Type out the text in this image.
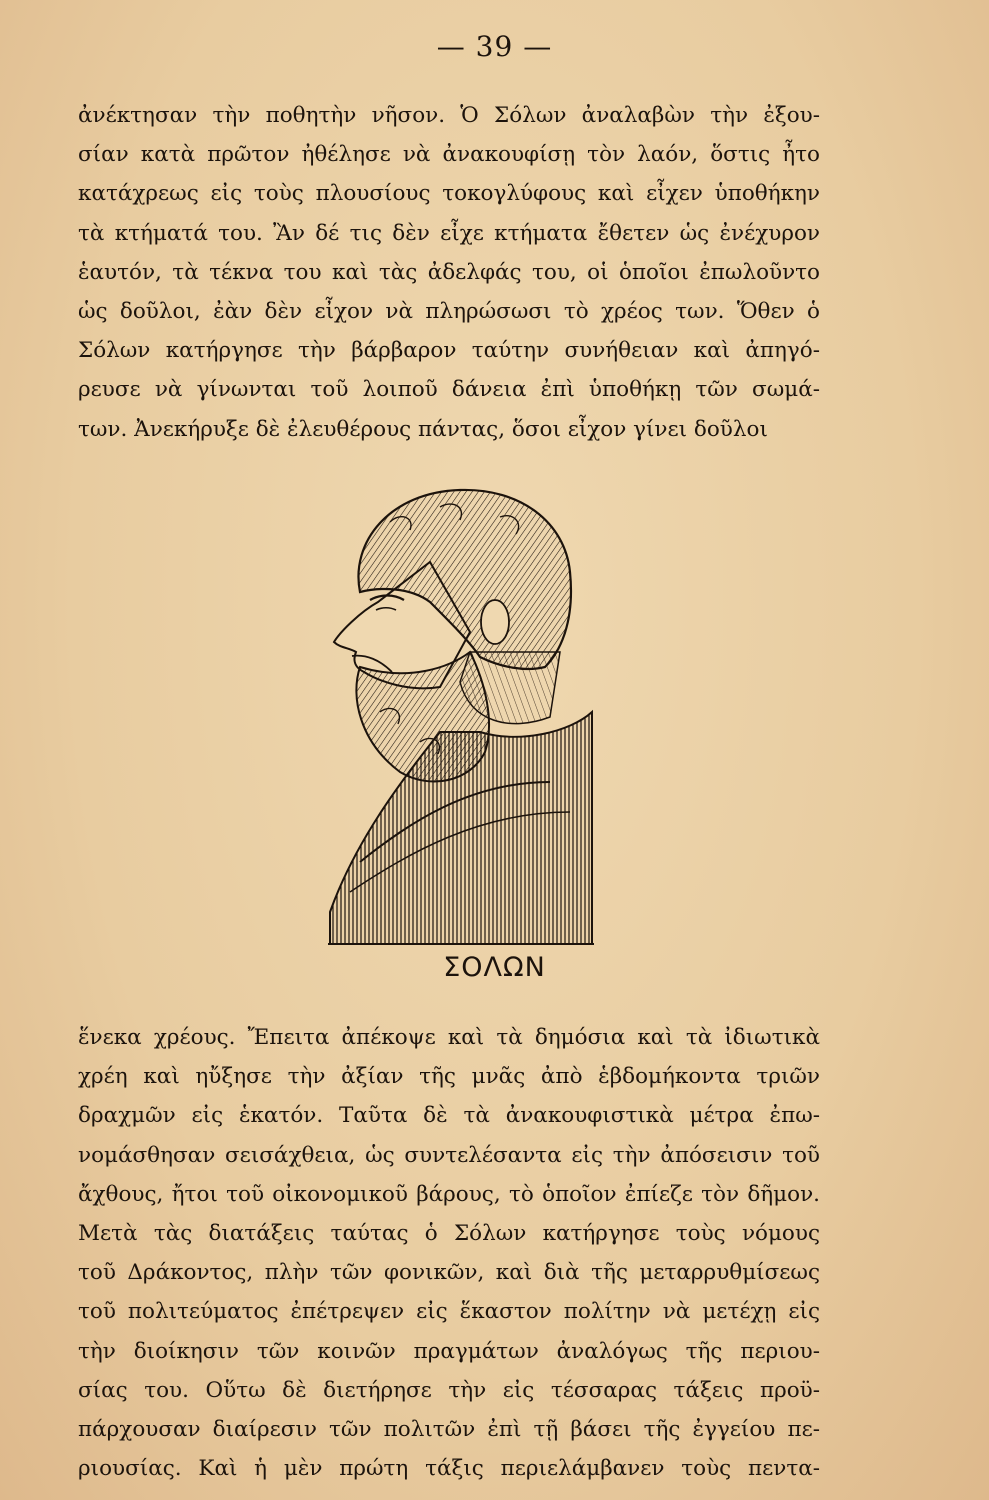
— 39 —
ἀνέκτησαν τὴν ποθητὴν νῆσον. Ὁ Σόλων ἀναλαβὼν τὴν ἐξου-
σίαν κατὰ πρῶτον ἠθέλησε νὰ ἀνακουφίσῃ τὸν λαόν, ὅστις ἦτο
κατάχρεως εἰς τοὺς πλουσίους τοκογλύφους καὶ εἶχεν ὑποθήκην
τὰ κτήματά του. Ἂν δέ τις δὲν εἶχε κτήματα ἔθετεν ὡς ἐνέχυρον
ἑαυτόν, τὰ τέκνα του καὶ τὰς ἀδελφάς του, οἱ ὁποῖοι ἐπωλοῦντο
ὡς δοῦλοι, ἐὰν δὲν εἶχον νὰ πληρώσωσι τὸ χρέος των. Ὅθεν ὁ
Σόλων κατήργησε τὴν βάρβαρον ταύτην συνήθειαν καὶ ἀπηγό-
ρευσε νὰ γίνωνται τοῦ λοιποῦ δάνεια ἐπὶ ὑποθήκῃ τῶν σωμά-
των. Ἀνεκήρυξε δὲ ἐλευθέρους πάντας, ὅσοι εἶχον γίνει δοῦλοι
ΣΟΛΩΝ
ἕνεκα χρέους. Ἔπειτα ἀπέκοψε καὶ τὰ δημόσια καὶ τὰ ἰδιωτικὰ
χρέη καὶ ηὔξησε τὴν ἀξίαν τῆς μνᾶς ἀπὸ ἑβδομήκοντα τριῶν
δραχμῶν εἰς ἑκατόν. Ταῦτα δὲ τὰ ἀνακουφιστικὰ μέτρα ἐπω-
νομάσθησαν σεισάχθεια, ὡς συντελέσαντα εἰς τὴν ἀπόσεισιν τοῦ
ἄχθους, ἤτοι τοῦ οἰκονομικοῦ βάρους, τὸ ὁποῖον ἐπίεζε τὸν δῆμον.
Μετὰ τὰς διατάξεις ταύτας ὁ Σόλων κατήργησε τοὺς νόμους
τοῦ Δράκοντος, πλὴν τῶν φονικῶν, καὶ διὰ τῆς μεταρρυθμίσεως
τοῦ πολιτεύματος ἐπέτρεψεν εἰς ἕκαστον πολίτην νὰ μετέχῃ εἰς
τὴν διοίκησιν τῶν κοινῶν πραγμάτων ἀναλόγως τῆς περιου-
σίας του. Οὕτω δὲ διετήρησε τὴν εἰς τέσσαρας τάξεις προϋ-
πάρχουσαν διαίρεσιν τῶν πολιτῶν ἐπὶ τῇ βάσει τῆς ἐγγείου πε-
ριουσίας. Καὶ ἡ μὲν πρώτη τάξις περιελάμβανεν τοὺς πεντα-
